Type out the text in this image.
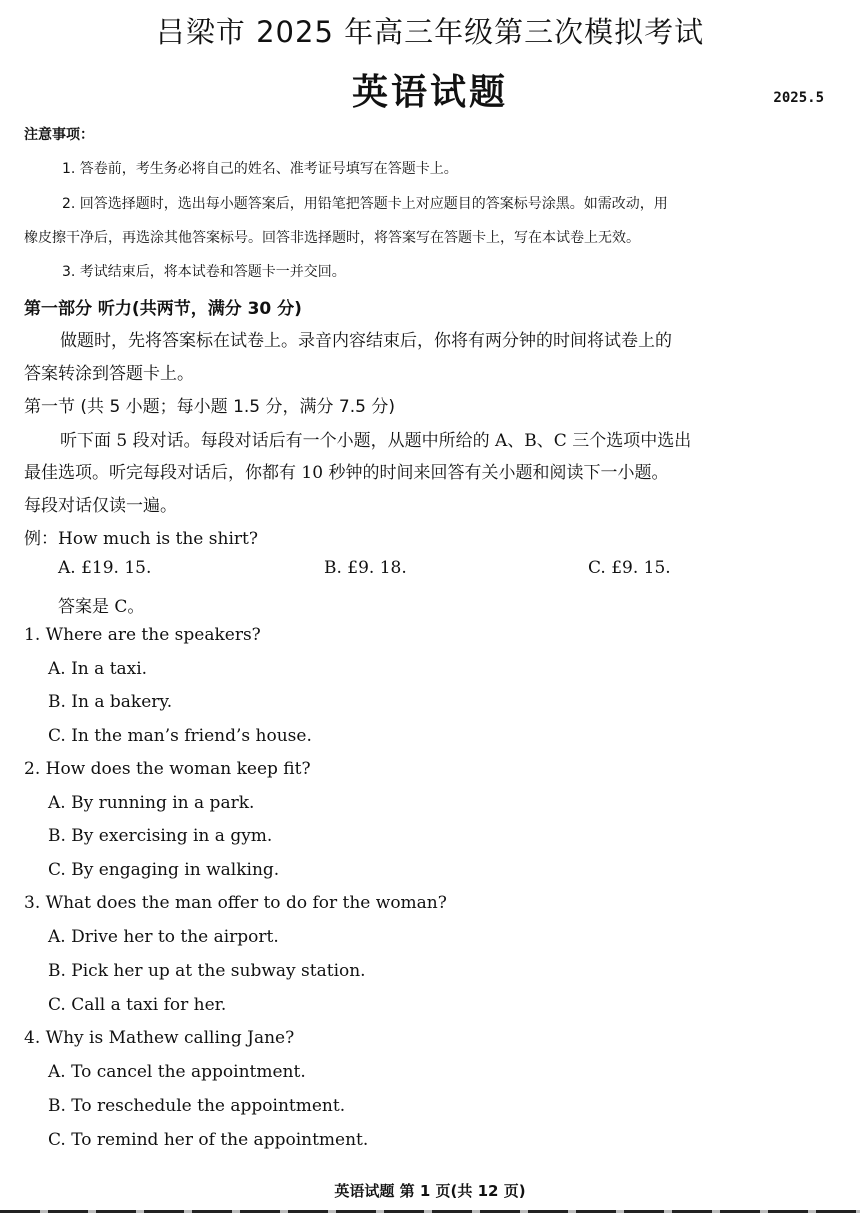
吕梁市 2025 年高三年级第三次模拟考试
英语试题	2025.5
注意事项：
1. 答卷前，考生务必将自己的姓名、准考证号填写在答题卡上。
2. 回答选择题时，选出每小题答案后，用铅笔把答题卡上对应题目的答案标号涂黑。如需改动，用
橡皮擦干净后，再选涂其他答案标号。回答非选择题时，将答案写在答题卡上，写在本试卷上无效。
3. 考试结束后，将本试卷和答题卡一并交回。
第一部分 听力(共两节，满分 30 分)
做题时，先将答案标在试卷上。录音内容结束后，你将有两分钟的时间将试卷上的
答案转涂到答题卡上。
第一节 (共 5 小题；每小题 1.5 分，满分 7.5 分)
听下面 5 段对话。每段对话后有一个小题，从题中所给的 A、B、C 三个选项中选出
最佳选项。听完每段对话后，你都有 10 秒钟的时间来回答有关小题和阅读下一小题。
每段对话仅读一遍。
例：How much is the shirt?
A. £19. 15.	B. £9. 18.	C. £9. 15.
答案是 C。
1. Where are the speakers?
A. In a taxi.
B. In a bakery.
C. In the man’s friend’s house.
2. How does the woman keep fit?
A. By running in a park.
B. By exercising in a gym.
C. By engaging in walking.
3. What does the man offer to do for the woman?
A. Drive her to the airport.
B. Pick her up at the subway station.
C. Call a taxi for her.
4. Why is Mathew calling Jane?
A. To cancel the appointment.
B. To reschedule the appointment.
C. To remind her of the appointment.
英语试题 第 1 页(共 12 页)
